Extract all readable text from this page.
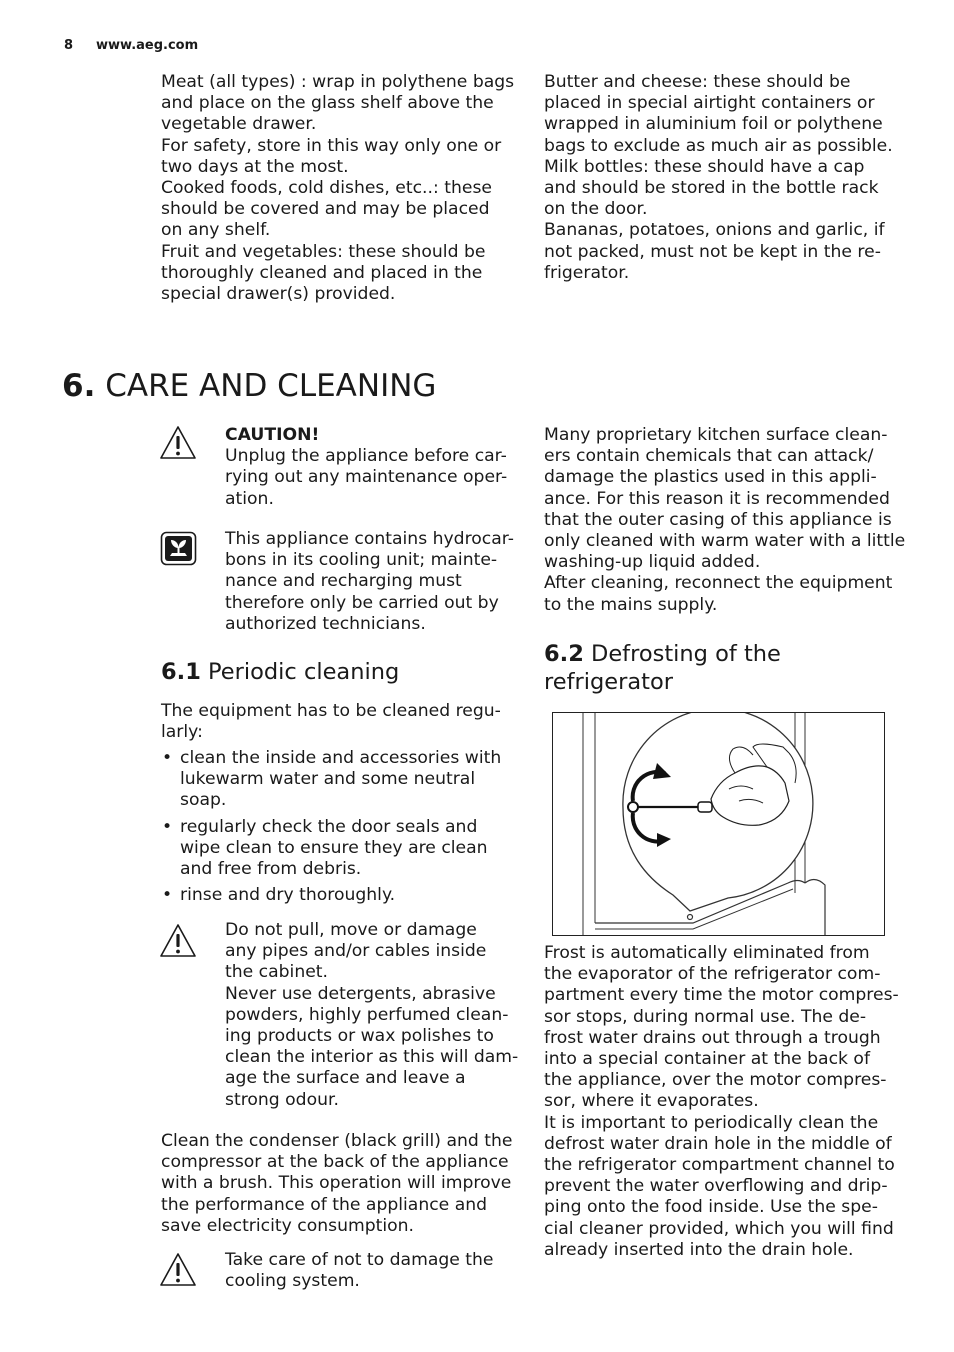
8 www.aeg.com
Meat (all types) : wrap in polythene bags
and place on the glass shelf above the
vegetable drawer.
For safety, store in this way only one or
two days at the most.
Cooked foods, cold dishes, etc..: these
should be covered and may be placed
on any shelf.
Fruit and vegetables: these should be
thoroughly cleaned and placed in the
special drawer(s) provided.
Butter and cheese: these should be
placed in special airtight containers or
wrapped in aluminium foil or polythene
bags to exclude as much air as possible.
Milk bottles: these should have a cap
and should be stored in the bottle rack
on the door.
Bananas, potatoes, onions and garlic, if
not packed, must not be kept in the re-
frigerator.
6. CARE AND CLEANING
CAUTION!
Unplug the appliance before car-
rying out any maintenance oper-
ation.
This appliance contains hydrocar-
bons in its cooling unit; mainte-
nance and recharging must
therefore only be carried out by
authorized technicians.
6.1 Periodic cleaning
The equipment has to be cleaned regu-
larly:
• clean the inside and accessories with
lukewarm water and some neutral
soap.
• regularly check the door seals and
wipe clean to ensure they are clean
and free from debris.
• rinse and dry thoroughly.
Do not pull, move or damage
any pipes and/or cables inside
the cabinet.
Never use detergents, abrasive
powders, highly perfumed clean-
ing products or wax polishes to
clean the interior as this will dam-
age the surface and leave a
strong odour.
Clean the condenser (black grill) and the
compressor at the back of the appliance
with a brush. This operation will improve
the performance of the appliance and
save electricity consumption.
Take care of not to damage the
cooling system.
Many proprietary kitchen surface clean-
ers contain chemicals that can attack/
damage the plastics used in this appli-
ance. For this reason it is recommended
that the outer casing of this appliance is
only cleaned with warm water with a little
washing-up liquid added.
After cleaning, reconnect the equipment
to the mains supply.
6.2 Defrosting of the
refrigerator
Frost is automatically eliminated from
the evaporator of the refrigerator com-
partment every time the motor compres-
sor stops, during normal use. The de-
frost water drains out through a trough
into a special container at the back of
the appliance, over the motor compres-
sor, where it evaporates.
It is important to periodically clean the
defrost water drain hole in the middle of
the refrigerator compartment channel to
prevent the water overflowing and drip-
ping onto the food inside. Use the spe-
cial cleaner provided, which you will find
already inserted into the drain hole.
